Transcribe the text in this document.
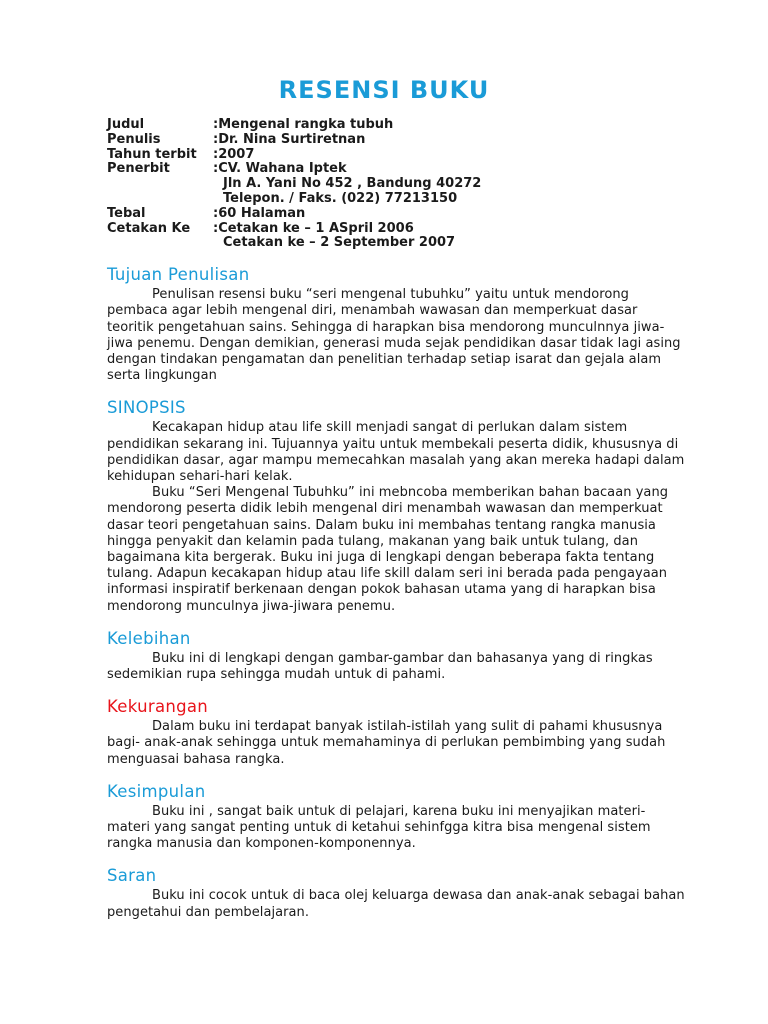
RESENSI BUKU
Judul	:Mengenal rangka tubuh
Penulis	:Dr. Nina Surtiretnan
Tahun terbit	:2007
Penerbit	:CV. Wahana Iptek
Jln A. Yani No 452 , Bandung 40272
Telepon. / Faks. (022) 77213150
Tebal	:60 Halaman
Cetakan Ke	:Cetakan ke – 1 ASpril 2006
Cetakan ke – 2 September 2007
Tujuan Penulisan

Penulisan resensi buku “seri mengenal tubuhku” yaitu untuk mendorong pembaca agar lebih mengenal diri, menambah wawasan dan memperkuat dasar teoritik pengetahuan sains. Sehingga di harapkan bisa mendorong munculnnya jiwa-jiwa penemu. Dengan demikian, generasi muda sejak pendidikan dasar tidak lagi asing dengan tindakan pengamatan dan penelitian terhadap setiap isarat dan gejala alam serta lingkungan

SINOPSIS

Kecakapan hidup atau life skill menjadi sangat di perlukan dalam sistem pendidikan sekarang ini. Tujuannya yaitu untuk membekali peserta didik, khususnya di pendidikan dasar, agar mampu memecahkan masalah yang akan mereka hadapi dalam kehidupan sehari-hari kelak.

Buku “Seri Mengenal Tubuhku” ini mebncoba memberikan bahan bacaan yang mendorong peserta didik lebih mengenal diri menambah wawasan dan memperkuat dasar teori pengetahuan sains. Dalam buku ini membahas tentang rangka manusia hingga penyakit dan kelamin pada tulang, makanan yang baik untuk tulang, dan bagaimana kita bergerak. Buku ini juga di lengkapi dengan beberapa fakta tentang tulang. Adapun kecakapan hidup atau life skill dalam seri ini berada pada pengayaan informasi inspiratif berkenaan dengan pokok bahasan utama yang di harapkan bisa mendorong munculnya jiwa-jiwara penemu.

Kelebihan

Buku ini di lengkapi dengan gambar-gambar dan bahasanya yang di ringkas sedemikian rupa sehingga mudah untuk di pahami.

Kekurangan

Dalam buku ini terdapat banyak istilah-istilah yang sulit di pahami khususnya bagi- anak-anak sehingga untuk memahaminya di perlukan pembimbing yang sudah menguasai bahasa rangka.

Kesimpulan

Buku ini , sangat baik untuk di pelajari, karena buku ini menyajikan materi-materi yang sangat penting untuk di ketahui sehinfgga kitra bisa mengenal sistem rangka manusia dan komponen-komponennya.

Saran

Buku ini cocok untuk di baca olej keluarga dewasa dan anak-anak sebagai bahan pengetahui dan pembelajaran.
